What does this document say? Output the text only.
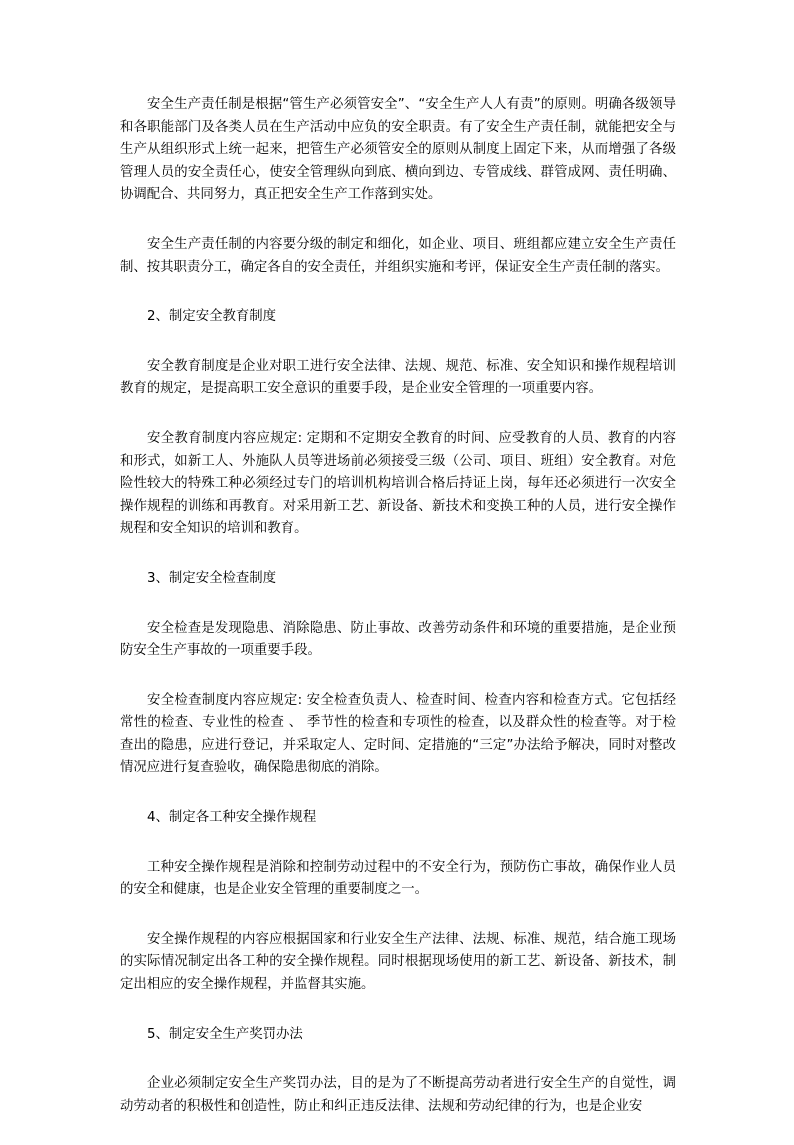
安全生产责任制是根据“管生产必须管安全”、“安全生产人人有责”的原则。明确各级领导和各职能部门及各类人员在生产活动中应负的安全职责。有了安全生产责任制，就能把安全与生产从组织形式上统一起来，把管生产必须管安全的原则从制度上固定下来，从而增强了各级管理人员的安全责任心，使安全管理纵向到底、横向到边、专管成线、群管成网、责任明确、协调配合、共同努力，真正把安全生产工作落到实处。

安全生产责任制的内容要分级的制定和细化，如企业、项目、班组都应建立安全生产责任制、按其职责分工，确定各自的安全责任，并组织实施和考评，保证安全生产责任制的落实。

2、制定安全教育制度

安全教育制度是企业对职工进行安全法律、法规、规范、标准、安全知识和操作规程培训教育的规定，是提高职工安全意识的重要手段，是企业安全管理的一项重要内容。

安全教育制度内容应规定: 定期和不定期安全教育的时间、应受教育的人员、教育的内容和形式，如新工人、外施队人员等进场前必须接受三级（公司、项目、班组）安全教育。对危险性较大的特殊工种必须经过专门的培训机构培训合格后持证上岗，每年还必须进行一次安全操作规程的训练和再教育。对采用新工艺、新设备、新技术和变换工种的人员，进行安全操作规程和安全知识的培训和教育。

3、制定安全检查制度

安全检查是发现隐患、消除隐患、防止事故、改善劳动条件和环境的重要措施，是企业预防安全生产事故的一项重要手段。

安全检查制度内容应规定: 安全检查负责人、检查时间、检查内容和检查方式。它包括经常性的检查、专业性的检查 、 季节性的检查和专项性的检查，以及群众性的检查等。对于检查出的隐患，应进行登记，并采取定人、定时间、定措施的“三定”办法给予解决，同时对整改情况应进行复查验收，确保隐患彻底的消除。

4、制定各工种安全操作规程

工种安全操作规程是消除和控制劳动过程中的不安全行为，预防伤亡事故，确保作业人员的安全和健康，也是企业安全管理的重要制度之一。

安全操作规程的内容应根据国家和行业安全生产法律、法规、标准、规范，结合施工现场的实际情况制定出各工种的安全操作规程。同时根据现场使用的新工艺、新设备、新技术，制定出相应的安全操作规程，并监督其实施。

5、制定安全生产奖罚办法

企业必须制定安全生产奖罚办法，目的是为了不断提高劳动者进行安全生产的自觉性，调动劳动者的积极性和创造性，防止和纠正违反法律、法规和劳动纪律的行为，也是企业安
